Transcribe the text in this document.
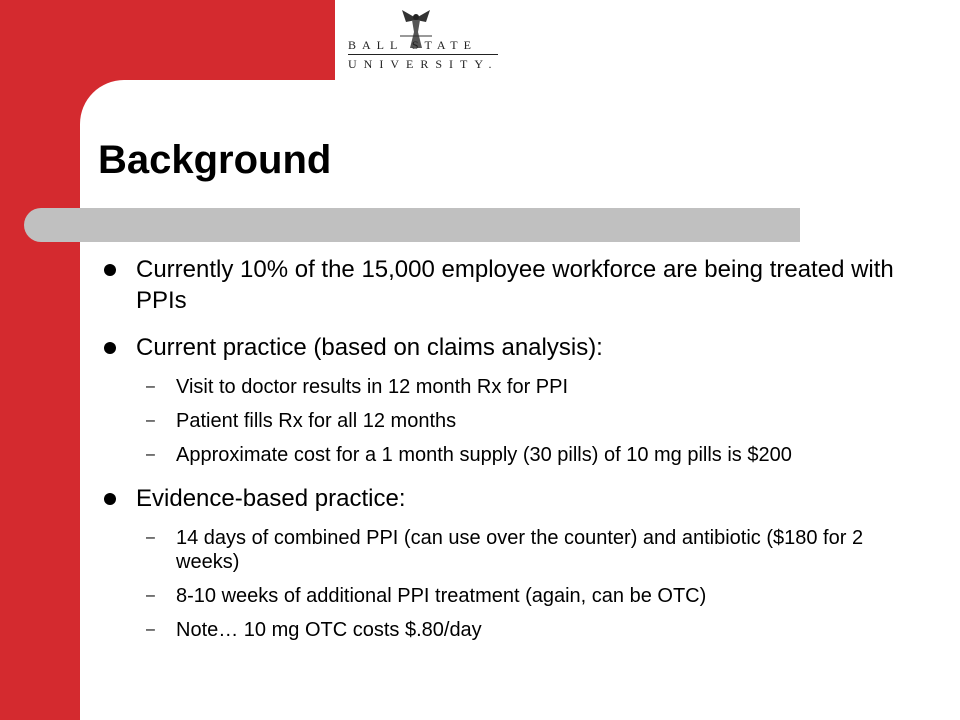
BALL STATE
UNIVERSITY.
Background
Currently 10% of the 15,000 employee workforce are being treated with PPIs
Current practice (based on claims analysis):
– Visit to doctor results in 12 month Rx for PPI
– Patient fills Rx for all 12 months
– Approximate cost for a 1 month supply (30 pills) of 10 mg pills is $200
Evidence-based practice:
– 14 days of combined PPI (can use over the counter) and antibiotic ($180 for 2 weeks)
– 8-10 weeks of additional PPI treatment (again, can be OTC)
– Note… 10 mg OTC costs $.80/day
